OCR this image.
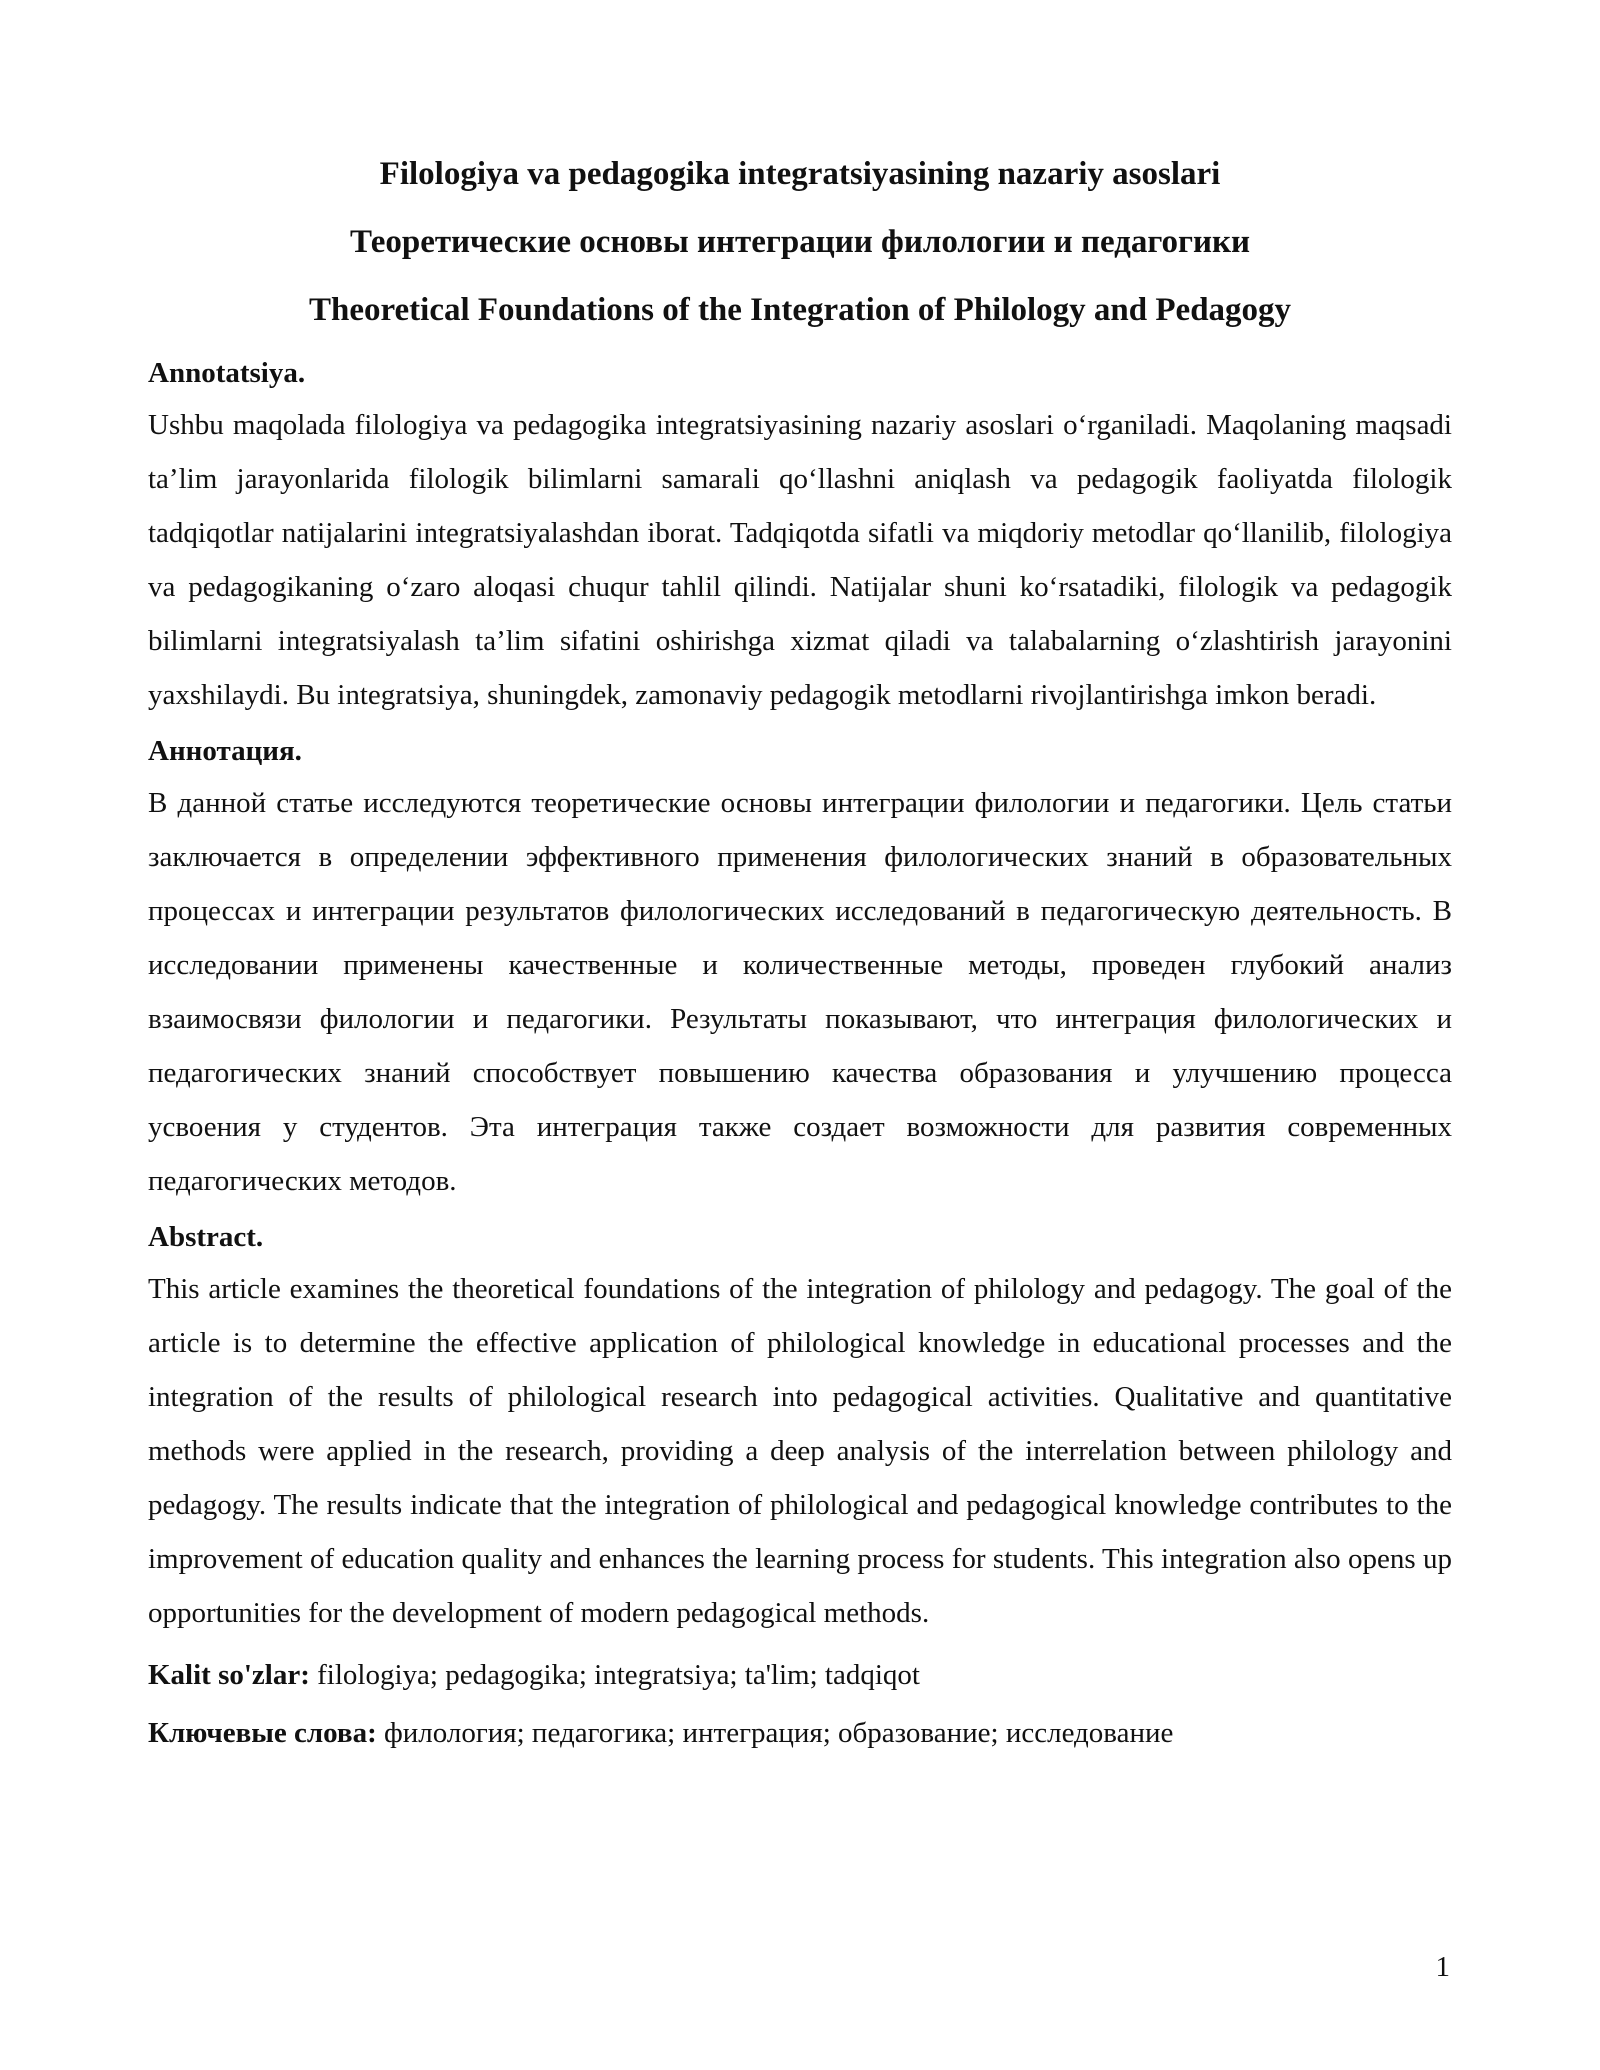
Filologiya va pedagogika integratsiyasining nazariy asoslari
Теоретические основы интеграции филологии и педагогики
Theoretical Foundations of the Integration of Philology and Pedagogy
Annotatsiya.

Ushbu maqolada filologiya va pedagogika integratsiyasining nazariy asoslari o‘rganiladi. Maqolaning maqsadi ta’lim jarayonlarida filologik bilimlarni samarali qo‘llashni aniqlash va pedagogik faoliyatda filologik tadqiqotlar natijalarini integratsiyalashdan iborat. Tadqiqotda sifatli va miqdoriy metodlar qo‘llanilib, filologiya va pedagogikaning o‘zaro aloqasi chuqur tahlil qilindi. Natijalar shuni ko‘rsatadiki, filologik va pedagogik bilimlarni integratsiyalash ta’lim sifatini oshirishga xizmat qiladi va talabalarning o‘zlashtirish jarayonini yaxshilaydi. Bu integratsiya, shuningdek, zamonaviy pedagogik metodlarni rivojlantirishga imkon beradi.

Аннотация.

В данной статье исследуются теоретические основы интеграции филологии и педагогики. Цель статьи заключается в определении эффективного применения филологических знаний в образовательных процессах и интеграции результатов филологических исследований в педагогическую деятельность. В исследовании применены качественные и количественные методы, проведен глубокий анализ взаимосвязи филологии и педагогики. Результаты показывают, что интеграция филологических и педагогических знаний способствует повышению качества образования и улучшению процесса усвоения у студентов. Эта интеграция также создает возможности для развития современных педагогических методов.

Abstract.

This article examines the theoretical foundations of the integration of philology and pedagogy. The goal of the article is to determine the effective application of philological knowledge in educational processes and the integration of the results of philological research into pedagogical activities. Qualitative and quantitative methods were applied in the research, providing a deep analysis of the interrelation between philology and pedagogy. The results indicate that the integration of philological and pedagogical knowledge contributes to the improvement of education quality and enhances the learning process for students. This integration also opens up opportunities for the development of modern pedagogical methods.

Kalit so'zlar: filologiya; pedagogika; integratsiya; ta'lim; tadqiqot
Ключевые слова: филология; педагогика; интеграция; образование; исследование
1
